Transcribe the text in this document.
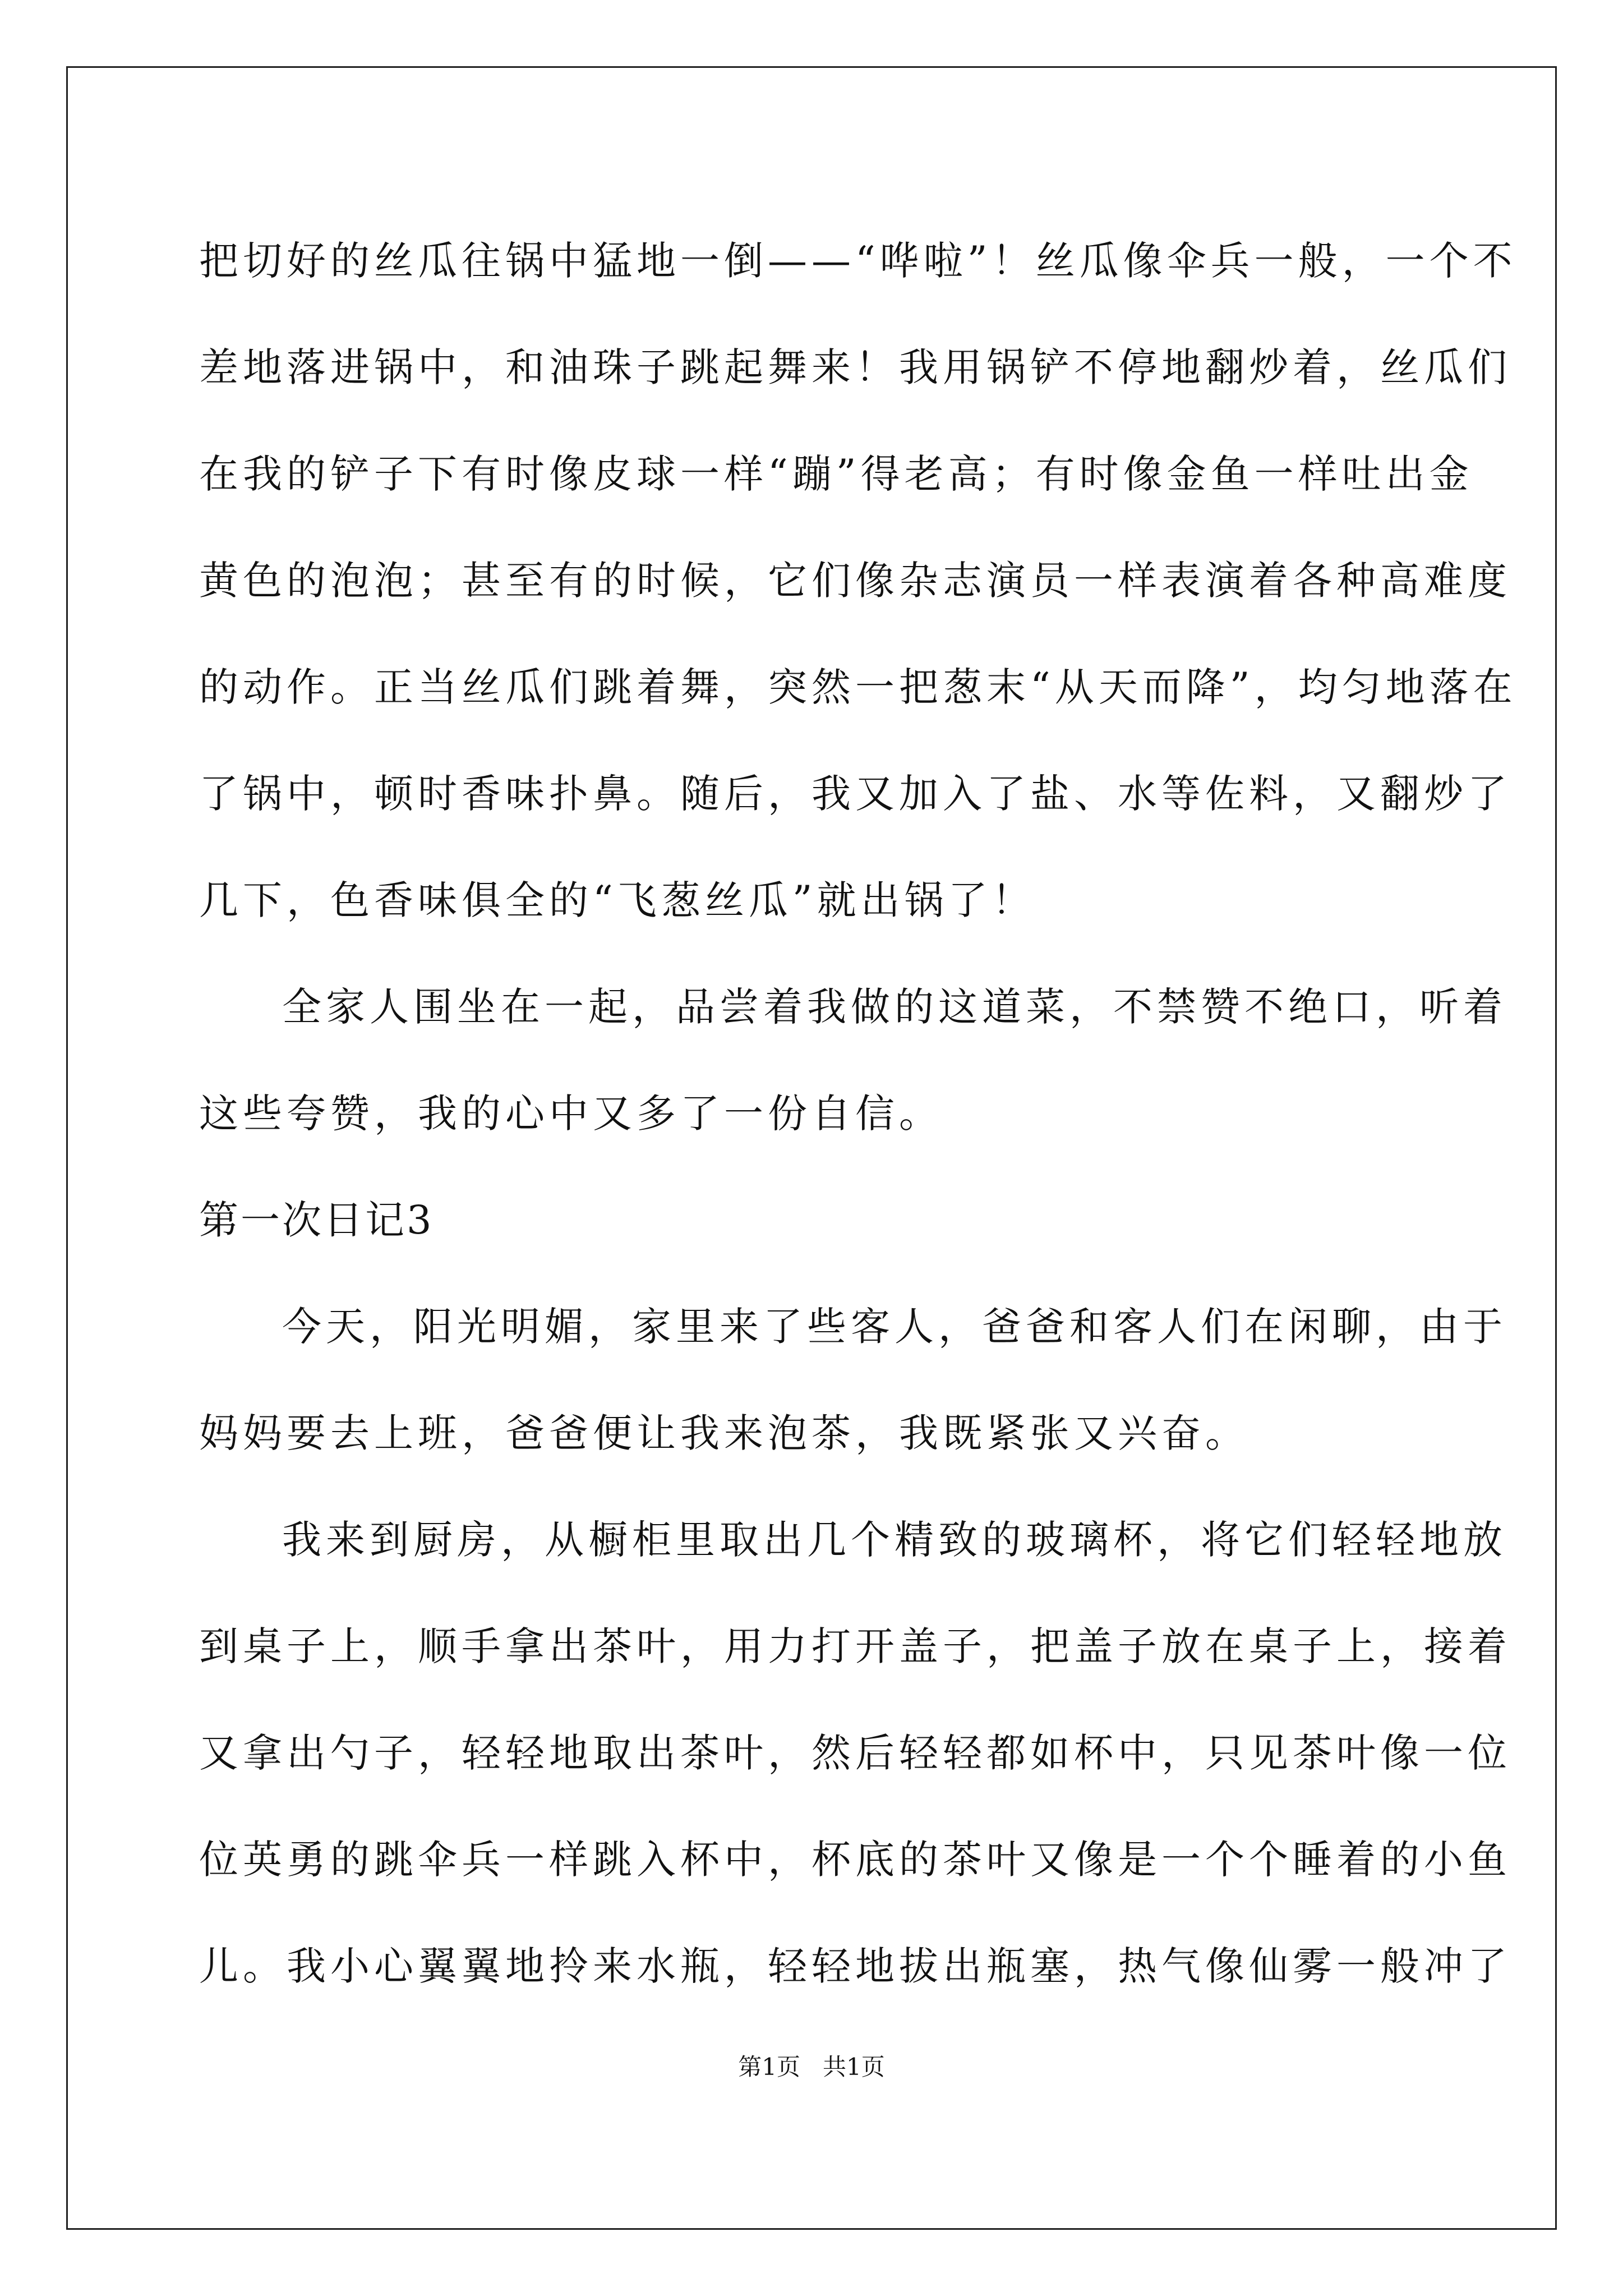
把切好的丝瓜往锅中猛地一倒——“哗啦”！丝瓜像伞兵一般，一个不
差地落进锅中，和油珠子跳起舞来！我用锅铲不停地翻炒着，丝瓜们
在我的铲子下有时像皮球一样“蹦”得老高；有时像金鱼一样吐出金
黄色的泡泡；甚至有的时候，它们像杂志演员一样表演着各种高难度
的动作。正当丝瓜们跳着舞，突然一把葱末“从天而降”，均匀地落在
了锅中，顿时香味扑鼻。随后，我又加入了盐、水等佐料，又翻炒了
几下，色香味俱全的“飞葱丝瓜”就出锅了！
全家人围坐在一起，品尝着我做的这道菜，不禁赞不绝口，听着
这些夸赞，我的心中又多了一份自信。
第一次日记3
今天，阳光明媚，家里来了些客人，爸爸和客人们在闲聊，由于
妈妈要去上班，爸爸便让我来泡茶，我既紧张又兴奋。
我来到厨房，从橱柜里取出几个精致的玻璃杯，将它们轻轻地放
到桌子上，顺手拿出茶叶，用力打开盖子，把盖子放在桌子上，接着
又拿出勺子，轻轻地取出茶叶，然后轻轻都如杯中，只见茶叶像一位
位英勇的跳伞兵一样跳入杯中，杯底的茶叶又像是一个个睡着的小鱼
儿。我小心翼翼地拎来水瓶，轻轻地拔出瓶塞，热气像仙雾一般冲了
第1页 共1页
